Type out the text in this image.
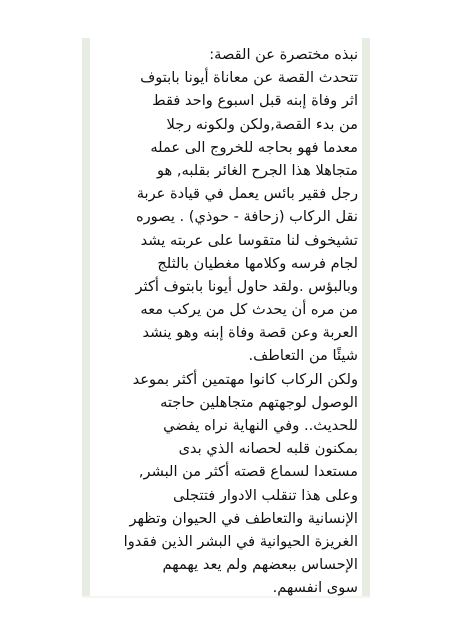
نبذه مختصرة عن القصة:
تتحدث القصة عن معاناة أيونا بابتوف
اثر وفاة إبنه قبل اسبوع واحد فقط
من بدء القصة,ولكن ولكونه رجلا
معدما فهو بحاجه للخروج الى عمله
متجاهلا هذا الجرح الغائر بقلبه, هو
رجل فقير بائس يعمل في قيادة عربة
نقل الركاب (زحافة - حوذي) . يصوره
تشيخوف لنا متقوسا على عربته يشد
لجام فرسه وكلامها مغطيان بالثلج
وبالبؤس .ولقد حاول أيونا بابتوف أكثر
من مره أن يحدث كل من يركب معه
العربة وعن قصة وفاة إبنه وهو ينشد
شيئًا من التعاطف.
ولكن الركاب كانوا مهتمين أكثر بموعد
الوصول لوجهتهم متجاهلين حاجته
للحديث.. وفي النهاية نراه يفضي
بمكنون قلبه لحصانه الذي بدى
مستعدا لسماع قصته أكثر من البشر,
وعلى هذا تنقلب الادوار فتتجلى
الإنسانية والتعاطف في الحيوان وتظهر
الغريزة الحيوانية في البشر الذين فقدوا
الإحساس ببعضهم ولم يعد يهمهم
سوى انفسهم.
